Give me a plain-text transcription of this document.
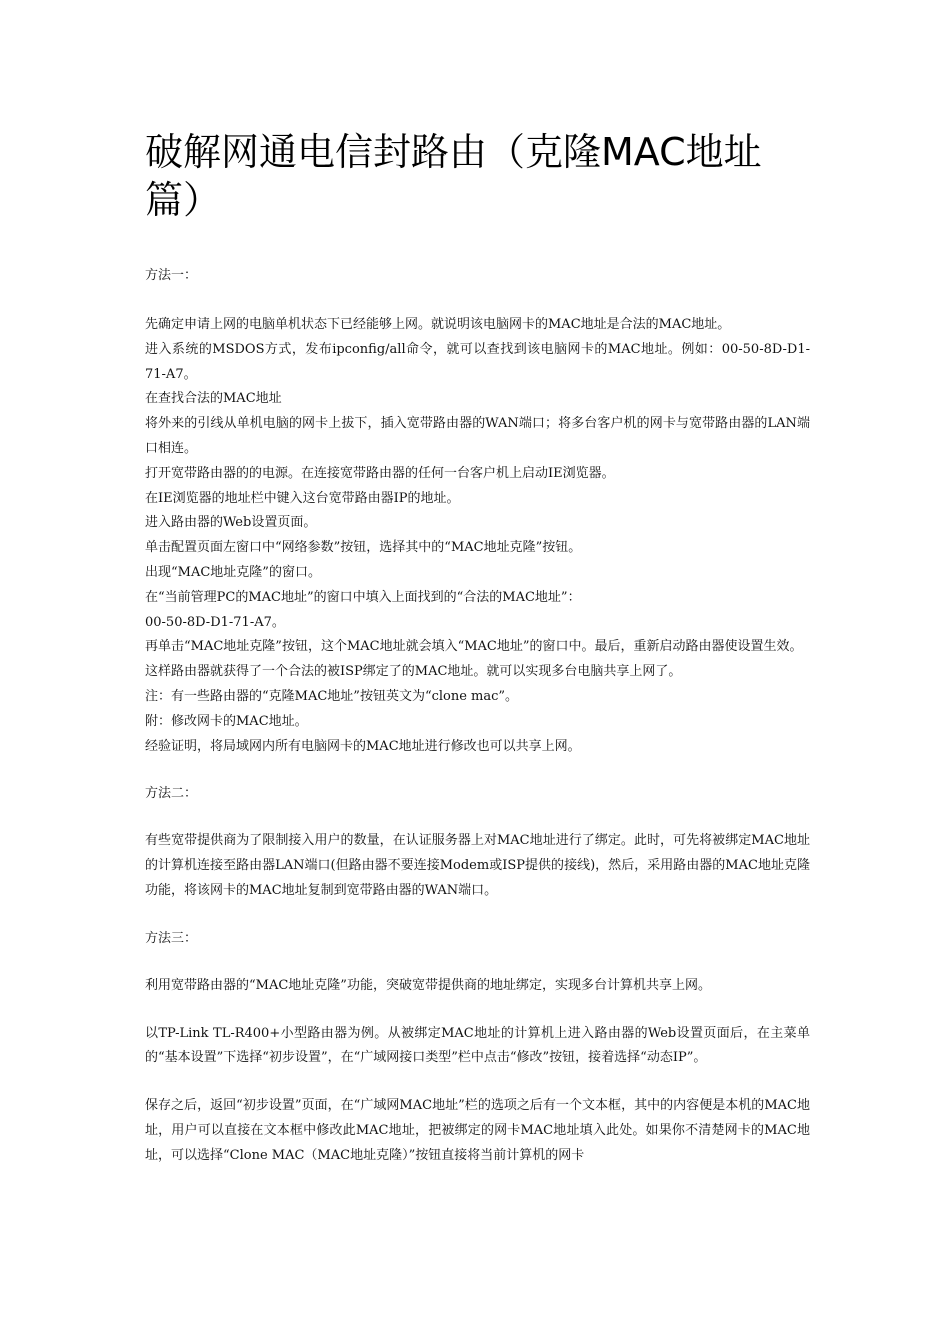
破解网通电信封路由（克隆MAC地址篇）

方法一：

先确定申请上网的电脑单机状态下已经能够上网。就说明该电脑网卡的MAC地址是合法的MAC地址。

进入系统的MSDOS方式，发布ipconfig/all命令，就可以查找到该电脑网卡的MAC地址。例如：00-50-8D-D1-71-A7。

在查找合法的MAC地址

将外来的引线从单机电脑的网卡上拔下，插入宽带路由器的WAN端口；将多台客户机的网卡与宽带路由器的LAN端口相连。

打开宽带路由器的的电源。在连接宽带路由器的任何一台客户机上启动IE浏览器。

在IE浏览器的地址栏中键入这台宽带路由器IP的地址。

进入路由器的Web设置页面。

单击配置页面左窗口中“网络参数”按钮，选择其中的“MAC地址克隆”按钮。

出现“MAC地址克隆”的窗口。

在“当前管理PC的MAC地址”的窗口中填入上面找到的“合法的MAC地址”：

00-50-8D-D1-71-A7。

再单击“MAC地址克隆”按钮，这个MAC地址就会填入“MAC地址”的窗口中。最后，重新启动路由器使设置生效。

这样路由器就获得了一个合法的被ISP绑定了的MAC地址。就可以实现多台电脑共享上网了。

注：有一些路由器的“克隆MAC地址”按钮英文为“clone mac”。

附：修改网卡的MAC地址。

经验证明，将局域网内所有电脑网卡的MAC地址进行修改也可以共享上网。

方法二：

有些宽带提供商为了限制接入用户的数量，在认证服务器上对MAC地址进行了绑定。此时，可先将被绑定MAC地址的计算机连接至路由器LAN端口(但路由器不要连接Modem或ISP提供的接线)，然后，采用路由器的MAC地址克隆功能，将该网卡的MAC地址复制到宽带路由器的WAN端口。

方法三：

利用宽带路由器的“MAC地址克隆”功能，突破宽带提供商的地址绑定，实现多台计算机共享上网。

以TP-Link TL-R400+小型路由器为例。从被绑定MAC地址的计算机上进入路由器的Web设置页面后，在主菜单的“基本设置”下选择“初步设置”，在“广域网接口类型”栏中点击“修改”按钮，接着选择“动态IP”。

保存之后，返回“初步设置”页面，在“广域网MAC地址”栏的选项之后有一个文本框，其中的内容便是本机的MAC地址，用户可以直接在文本框中修改此MAC地址，把被绑定的网卡MAC地址填入此处。如果你不清楚网卡的MAC地址，可以选择“Clone MAC（MAC地址克隆）”按钮直接将当前计算机的网卡
